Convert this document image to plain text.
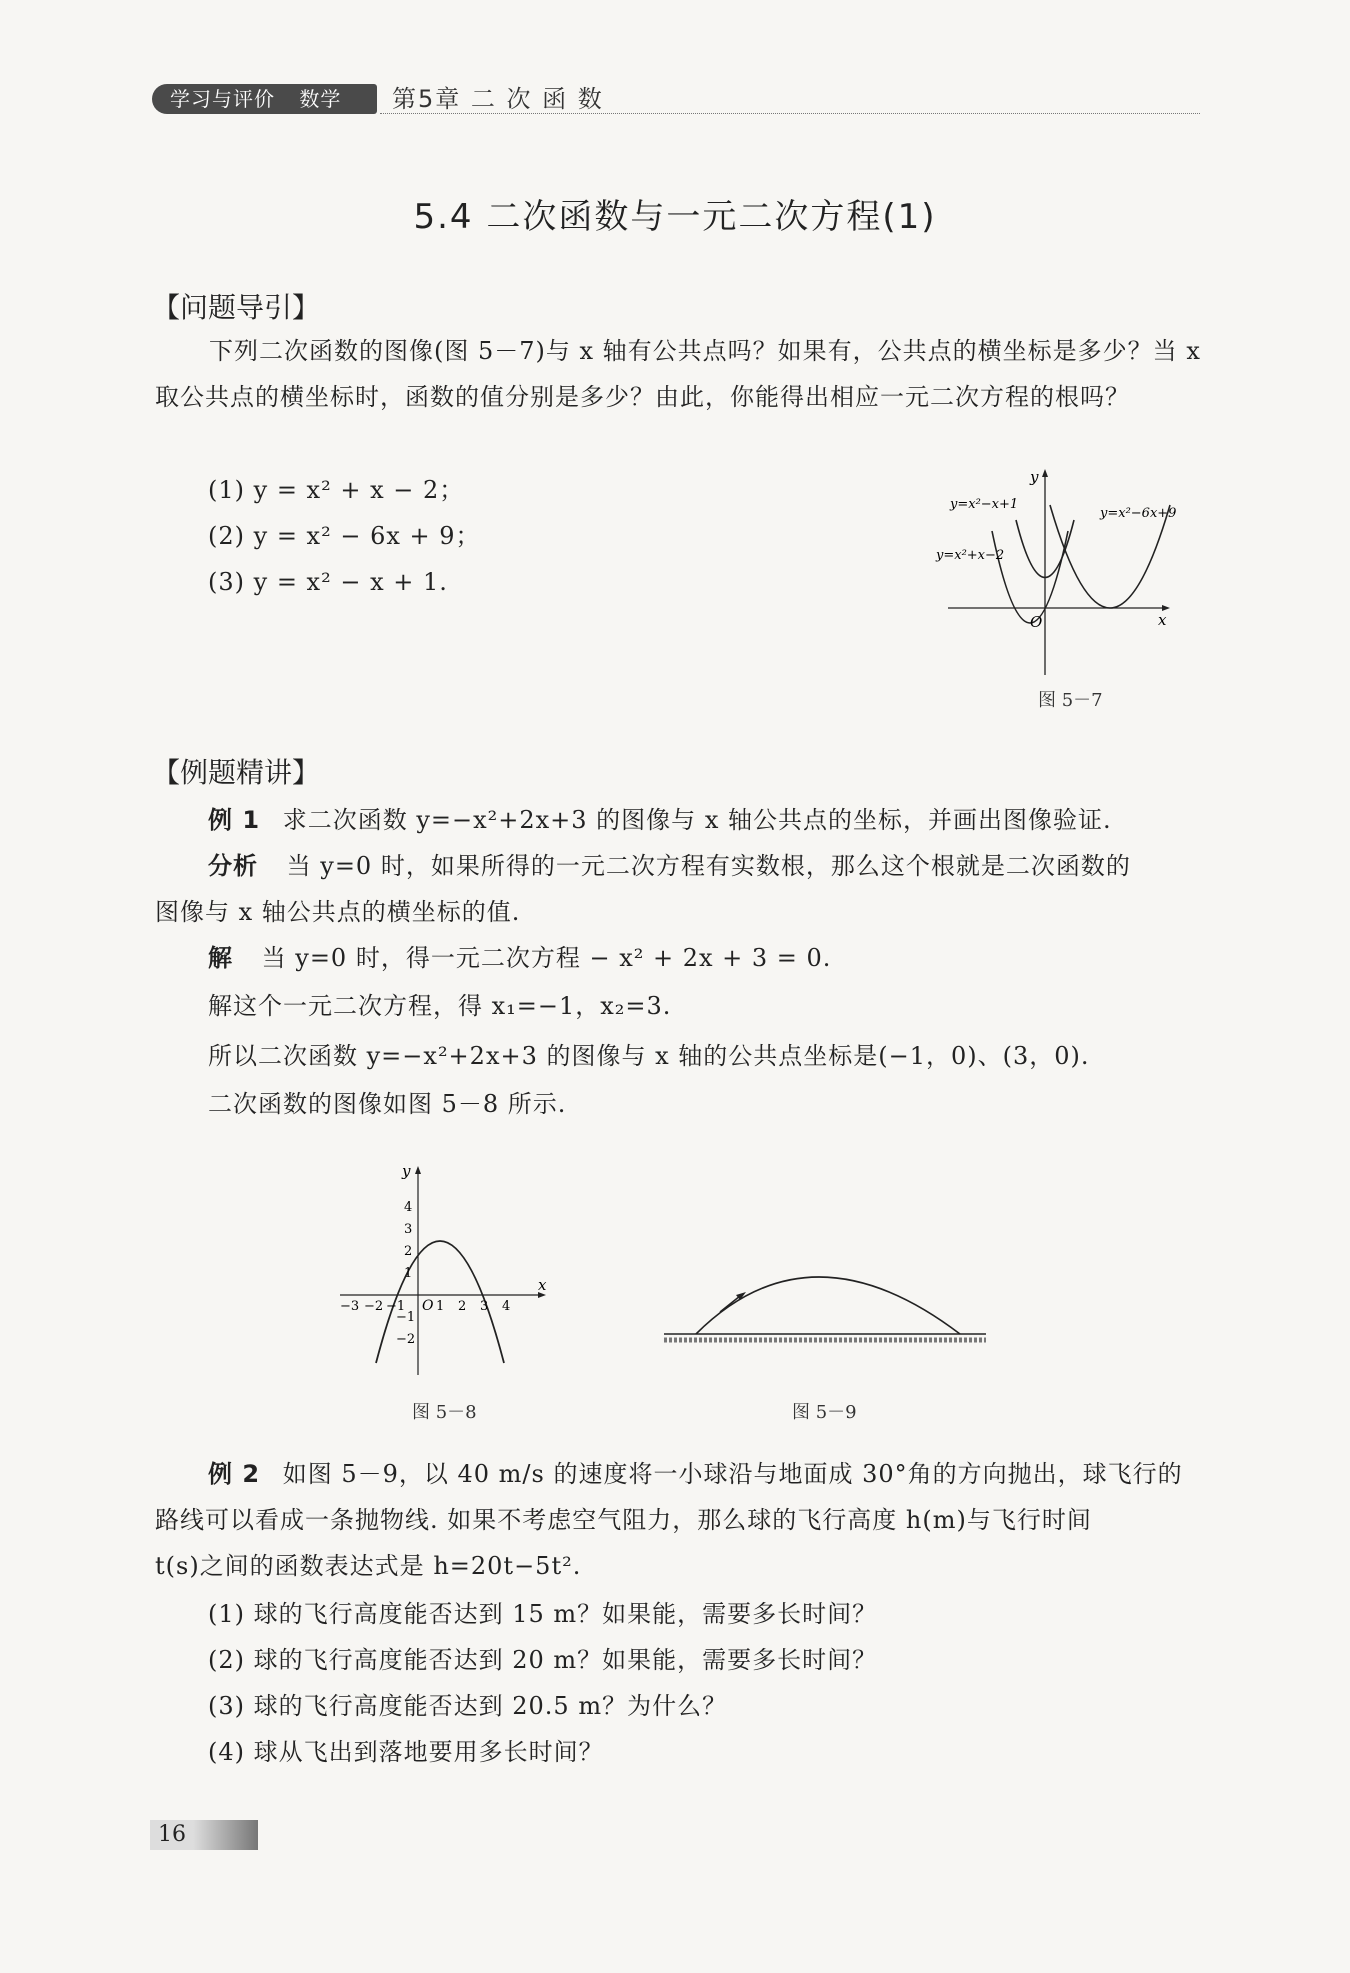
学习与评价 数学	第5章 二 次 函 数
5.4 二次函数与一元二次方程(1)
【问题导引】
下列二次函数的图像(图 5－7)与 x 轴有公共点吗？如果有，公共点的横坐标是多少？当 x 取公共点的横坐标时，函数的值分别是多少？由此，你能得出相应一元二次方程的根吗？
(1) y = x² + x − 2；
(2) y = x² − 6x + 9；
(3) y = x² − x + 1.
y=x²−x+1
y=x²−6x+9
y=x²+x−2
O	x
y
图 5－7
【例题精讲】
例 1 求二次函数 y=−x²+2x+3 的图像与 x 轴公共点的坐标，并画出图像验证.
分析 当 y=0 时，如果所得的一元二次方程有实数根，那么这个根就是二次函数的
图像与 x 轴公共点的横坐标的值.
解 当 y=0 时，得一元二次方程 − x² + 2x + 3 = 0.
解这个一元二次方程，得 x₁=−1，x₂=3.
所以二次函数 y=−x²+2x+3 的图像与 x 轴的公共点坐标是(−1，0)、(3，0).
二次函数的图像如图 5－8 所示.
−3 −2 −1 1 2 3 4
4
3
2
1
−1
−2
O
x
y
图 5－8	图 5－9
例 2 如图 5－9，以 40 m/s 的速度将一小球沿与地面成 30°角的方向抛出，球飞行的
路线可以看成一条抛物线. 如果不考虑空气阻力，那么球的飞行高度 h(m)与飞行时间
t(s)之间的函数表达式是 h=20t−5t².
(1) 球的飞行高度能否达到 15 m？如果能，需要多长时间？
(2) 球的飞行高度能否达到 20 m？如果能，需要多长时间？
(3) 球的飞行高度能否达到 20.5 m？为什么？
(4) 球从飞出到落地要用多长时间？
16
